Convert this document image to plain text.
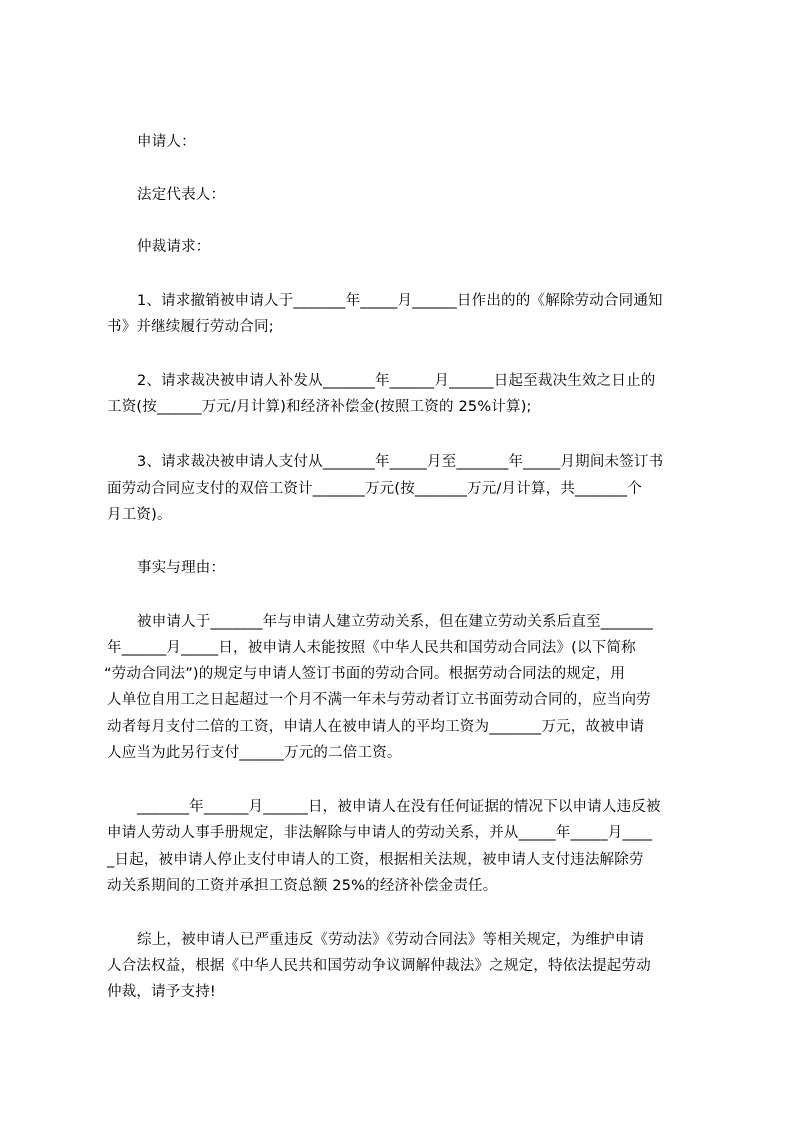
申请人：
法定代表人：
仲裁请求：
1、请求撤销被申请人于_______年_____月______日作出的的《解除劳动合同通知
书》并继续履行劳动合同;
2、请求裁决被申请人补发从_______年______月______日起至裁决生效之日止的
工资(按______万元/月计算)和经济补偿金(按照工资的 25%计算);
3、请求裁决被申请人支付从_______年_____月至_______年_____月期间未签订书
面劳动合同应支付的双倍工资计_______万元(按_______万元/月计算，共_______个
月工资)。
事实与理由：
被申请人于_______年与申请人建立劳动关系，但在建立劳动关系后直至_______
年______月_____日，被申请人未能按照《中华人民共和国劳动合同法》(以下简称
“劳动合同法”)的规定与申请人签订书面的劳动合同。根据劳动合同法的规定，用
人单位自用工之日起超过一个月不满一年未与劳动者订立书面劳动合同的，应当向劳
动者每月支付二倍的工资，申请人在被申请人的平均工资为_______万元，故被申请
人应当为此另行支付______万元的二倍工资。
_______年______月______日，被申请人在没有任何证据的情况下以申请人违反被
申请人劳动人事手册规定，非法解除与申请人的劳动关系，并从_____年_____月____
_日起，被申请人停止支付申请人的工资，根据相关法规，被申请人支付违法解除劳
动关系期间的工资并承担工资总额 25%的经济补偿金责任。
综上，被申请人已严重违反《劳动法》《劳动合同法》等相关规定，为维护申请
人合法权益，根据《中华人民共和国劳动争议调解仲裁法》之规定，特依法提起劳动
仲裁，请予支持!
